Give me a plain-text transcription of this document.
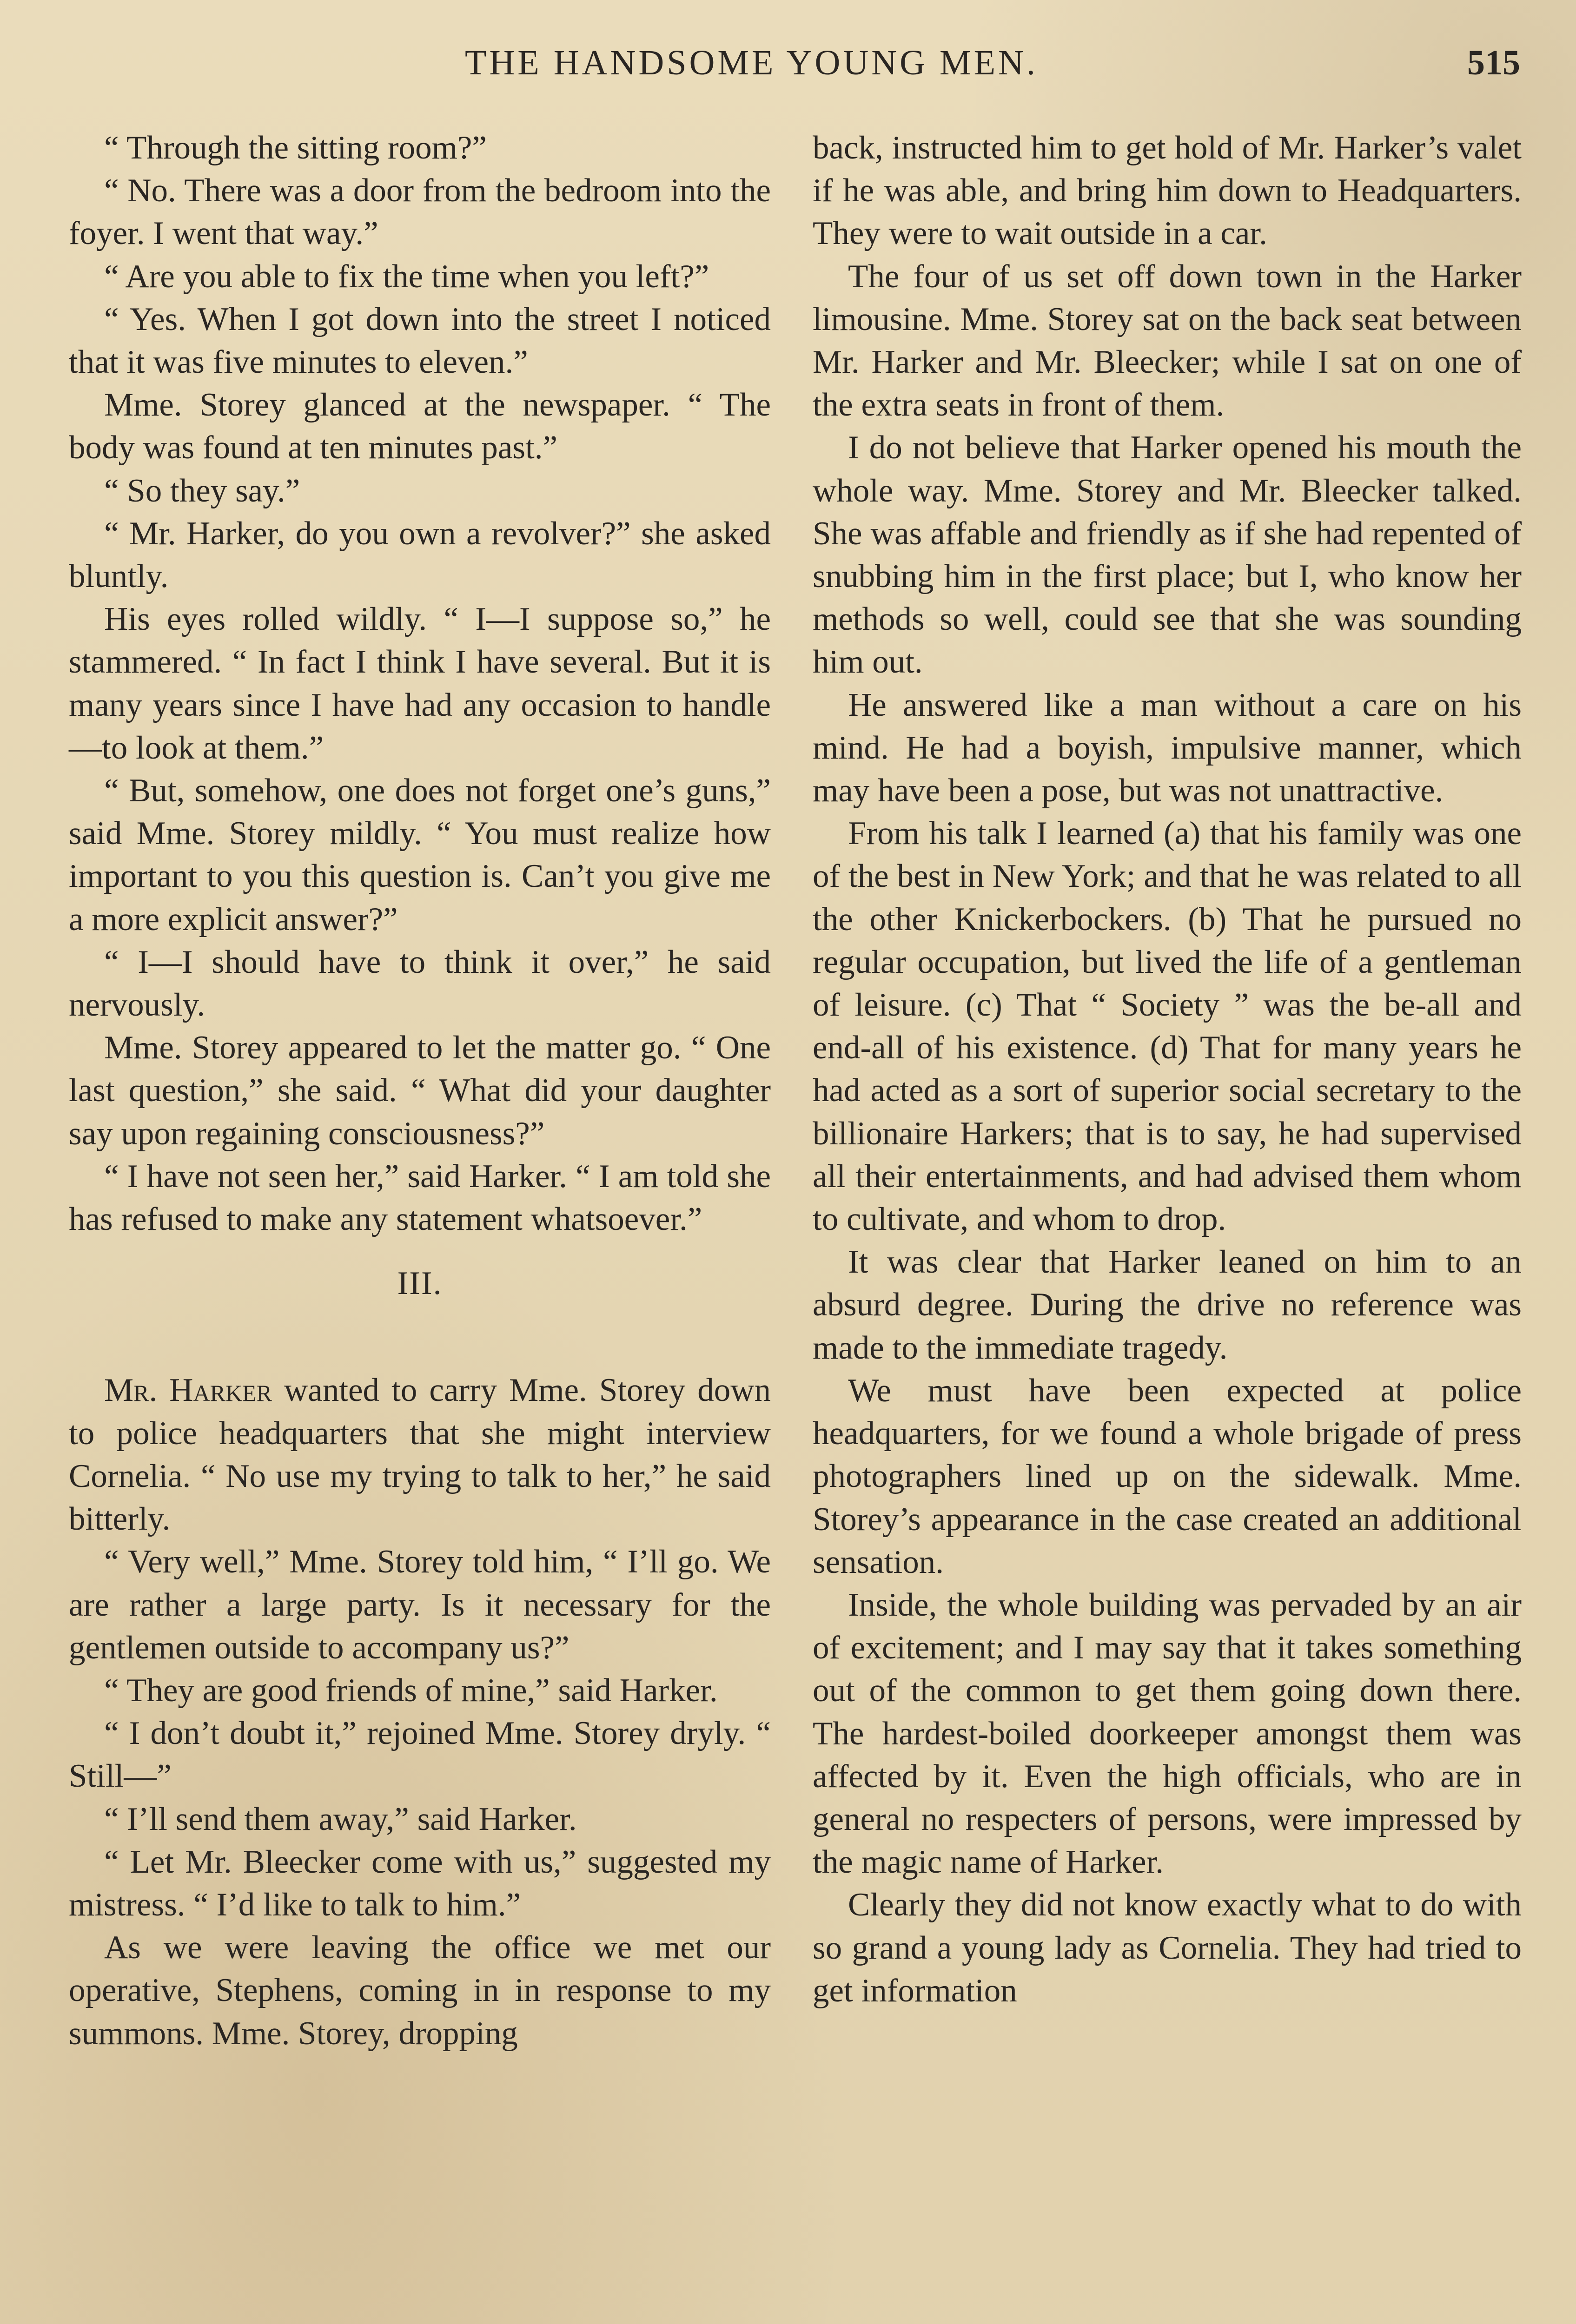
THE HANDSOME YOUNG MEN.	515

“ Through the sitting room?”

“ No. There was a door from the bedroom into the foyer. I went that way.”

“ Are you able to fix the time when you left?”

“ Yes. When I got down into the street I noticed that it was five minutes to eleven.”

Mme. Storey glanced at the newspaper. “ The body was found at ten minutes past.”

“ So they say.”

“ Mr. Harker, do you own a revolver?” she asked bluntly.

His eyes rolled wildly. “ I—I suppose so,” he stammered. “ In fact I think I have several. But it is many years since I have had any occasion to handle—to look at them.”

“ But, somehow, one does not forget one’s guns,” said Mme. Storey mildly. “ You must realize how important to you this question is. Can’t you give me a more explicit answer?”

“ I—I should have to think it over,” he said nervously.

Mme. Storey appeared to let the matter go. “ One last question,” she said. “ What did your daughter say upon regaining consciousness?”

“ I have not seen her,” said Harker. “ I am told she has refused to make any statement whatsoever.”

III.

Mr. Harker wanted to carry Mme. Storey down to police headquarters that she might interview Cornelia. “ No use my trying to talk to her,” he said bitterly.

“ Very well,” Mme. Storey told him, “ I’ll go. We are rather a large party. Is it necessary for the gentlemen outside to accompany us?”

“ They are good friends of mine,” said Harker.

“ I don’t doubt it,” rejoined Mme. Storey dryly. “ Still—”

“ I’ll send them away,” said Harker.

“ Let Mr. Bleecker come with us,” suggested my mistress. “ I’d like to talk to him.”

As we were leaving the office we met our operative, Stephens, coming in in response to my summons. Mme. Storey, dropping

back, instructed him to get hold of Mr. Harker’s valet if he was able, and bring him down to Headquarters. They were to wait outside in a car.

The four of us set off down town in the Harker limousine. Mme. Storey sat on the back seat between Mr. Harker and Mr. Bleecker; while I sat on one of the extra seats in front of them.

I do not believe that Harker opened his mouth the whole way. Mme. Storey and Mr. Bleecker talked. She was affable and friendly as if she had repented of snubbing him in the first place; but I, who know her methods so well, could see that she was sounding him out.

He answered like a man without a care on his mind. He had a boyish, impulsive manner, which may have been a pose, but was not unattractive.

From his talk I learned (a) that his family was one of the best in New York; and that he was related to all the other Knickerbockers. (b) That he pursued no regular occupation, but lived the life of a gentleman of leisure. (c) That “ Society ” was the be-all and end-all of his existence. (d) That for many years he had acted as a sort of superior social secretary to the billionaire Harkers; that is to say, he had supervised all their entertainments, and had advised them whom to cultivate, and whom to drop.

It was clear that Harker leaned on him to an absurd degree. During the drive no reference was made to the immediate tragedy.

We must have been expected at police headquarters, for we found a whole brigade of press photographers lined up on the sidewalk. Mme. Storey’s appearance in the case created an additional sensation.

Inside, the whole building was pervaded by an air of excitement; and I may say that it takes something out of the common to get them going down there. The hardest-boiled doorkeeper amongst them was affected by it. Even the high officials, who are in general no respecters of persons, were impressed by the magic name of Harker.

Clearly they did not know exactly what to do with so grand a young lady as Cornelia. They had tried to get information
